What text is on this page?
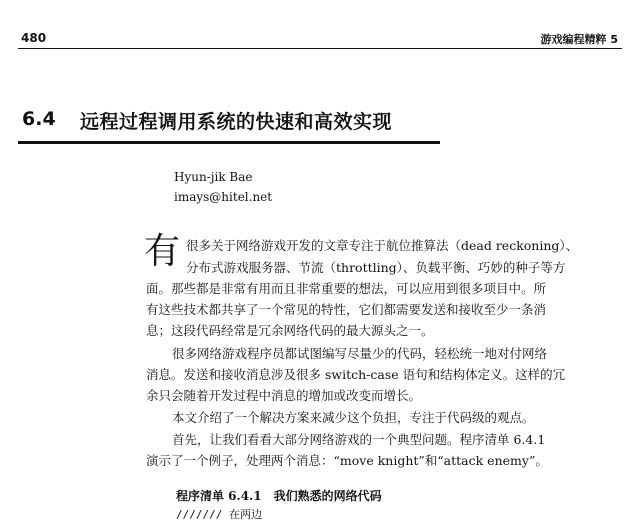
480	游戏编程精粹 5
6.4 远程过程调用系统的快速和高效实现
Hyun-jik Bae
imays@hitel.net
有 很多关于网络游戏开发的文章专注于航位推算法（dead reckoning）、
分布式游戏服务器、节流（throttling）、负载平衡、巧妙的种子等方
面。那些都是非常有用而且非常重要的想法，可以应用到很多项目中。所
有这些技术都共享了一个常见的特性，它们都需要发送和接收至少一条消
息；这段代码经常是冗余网络代码的最大源头之一。
很多网络游戏程序员都试图编写尽量少的代码，轻松统一地对付网络
消息。发送和接收消息涉及很多 switch-case 语句和结构体定义。这样的冗
余只会随着开发过程中消息的增加或改变而增长。
本文介绍了一个解决方案来减少这个负担，专注于代码级的观点。
首先，让我们看看大部分网络游戏的一个典型问题。程序清单 6.4.1
演示了一个例子，处理两个消息：“move knight”和“attack enemy”。
程序清单 6.4.1　我们熟悉的网络代码
/////// 在两边
